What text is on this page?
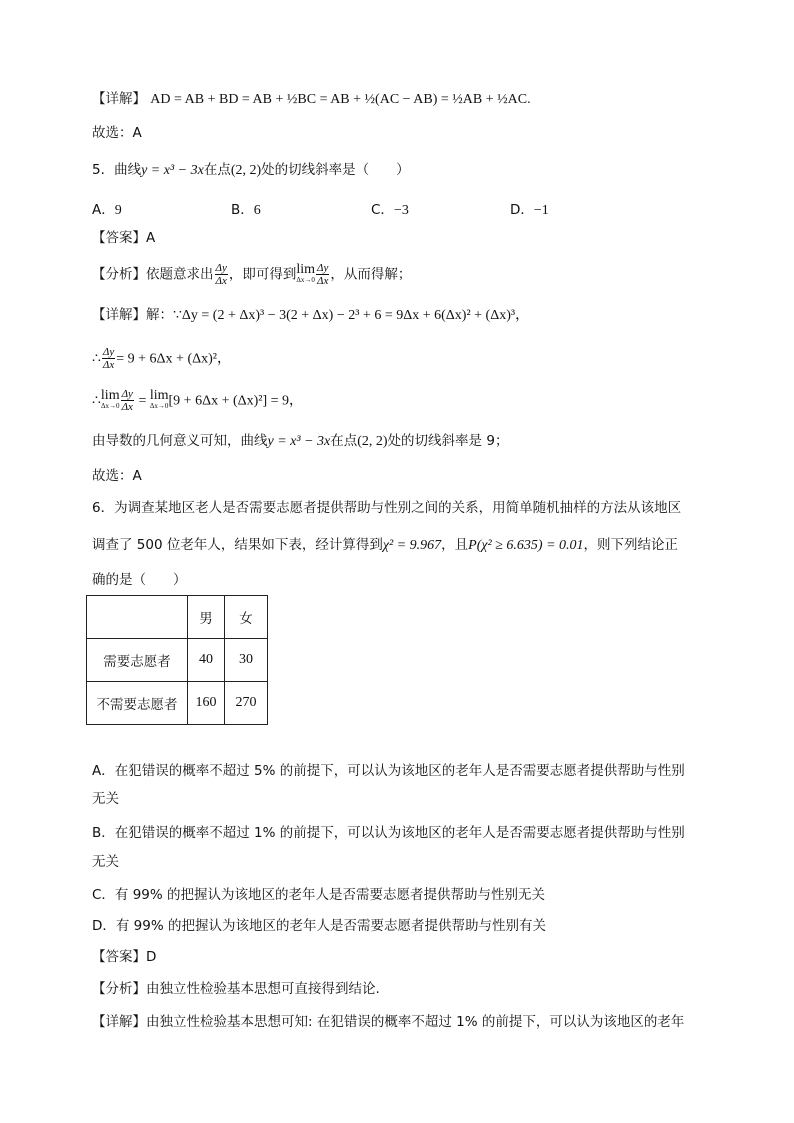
【详解】 AD = AB + BD = AB + ½BC = AB + ½(AC − AB) = ½AB + ½AC.
故选：A
5．曲线y = x³ − 3x在点(2, 2)处的切线斜率是（　　）
A．9	B．6	C．−3	D．−1
【答案】A
【分析】依题意求出 $\frac{\Delta y}{\Delta x}$ ，即可得到lim
$\Delta x\to 0 \frac{\Delta y}{\Delta x}$ ，从而得解；
【详解】解：∵Δy = (2 + Δx)³ − 3(2 + Δx) − 2³ + 6 = 9Δx + 6(Δx)² + (Δx)³，
∴ $\frac{\Delta y}{\Delta x} = 9 + 6\Delta x + (\Delta x)^2$，
∴lim
$\Delta x\to 0 \frac{\Delta y}{\Delta x} = \lim$
Δx→0 [9 + 6Δx + (Δx)²] = 9，
由导数的几何意义可知，曲线y = x³ − 3x在点(2, 2)处的切线斜率是 9；
故选：A
6．为调查某地区老人是否需要志愿者提供帮助与性别之间的关系，用简单随机抽样的方法从该地区
调查了 500 位老年人，结果如下表，经计算得到χ² = 9.967，且P(χ² ≥ 6.635) = 0.01，则下列结论正
确的是（　　）
	男	女
需要志愿者	40	30
不需要志愿者	160	270
A．在犯错误的概率不超过 5% 的前提下，可以认为该地区的老年人是否需要志愿者提供帮助与性别
无关
B．在犯错误的概率不超过 1% 的前提下，可以认为该地区的老年人是否需要志愿者提供帮助与性别
无关
C．有 99% 的把握认为该地区的老年人是否需要志愿者提供帮助与性别无关
D．有 99% 的把握认为该地区的老年人是否需要志愿者提供帮助与性别有关
【答案】D
【分析】由独立性检验基本思想可直接得到结论.
【详解】由独立性检验基本思想可知: 在犯错误的概率不超过 1% 的前提下，可以认为该地区的老年
